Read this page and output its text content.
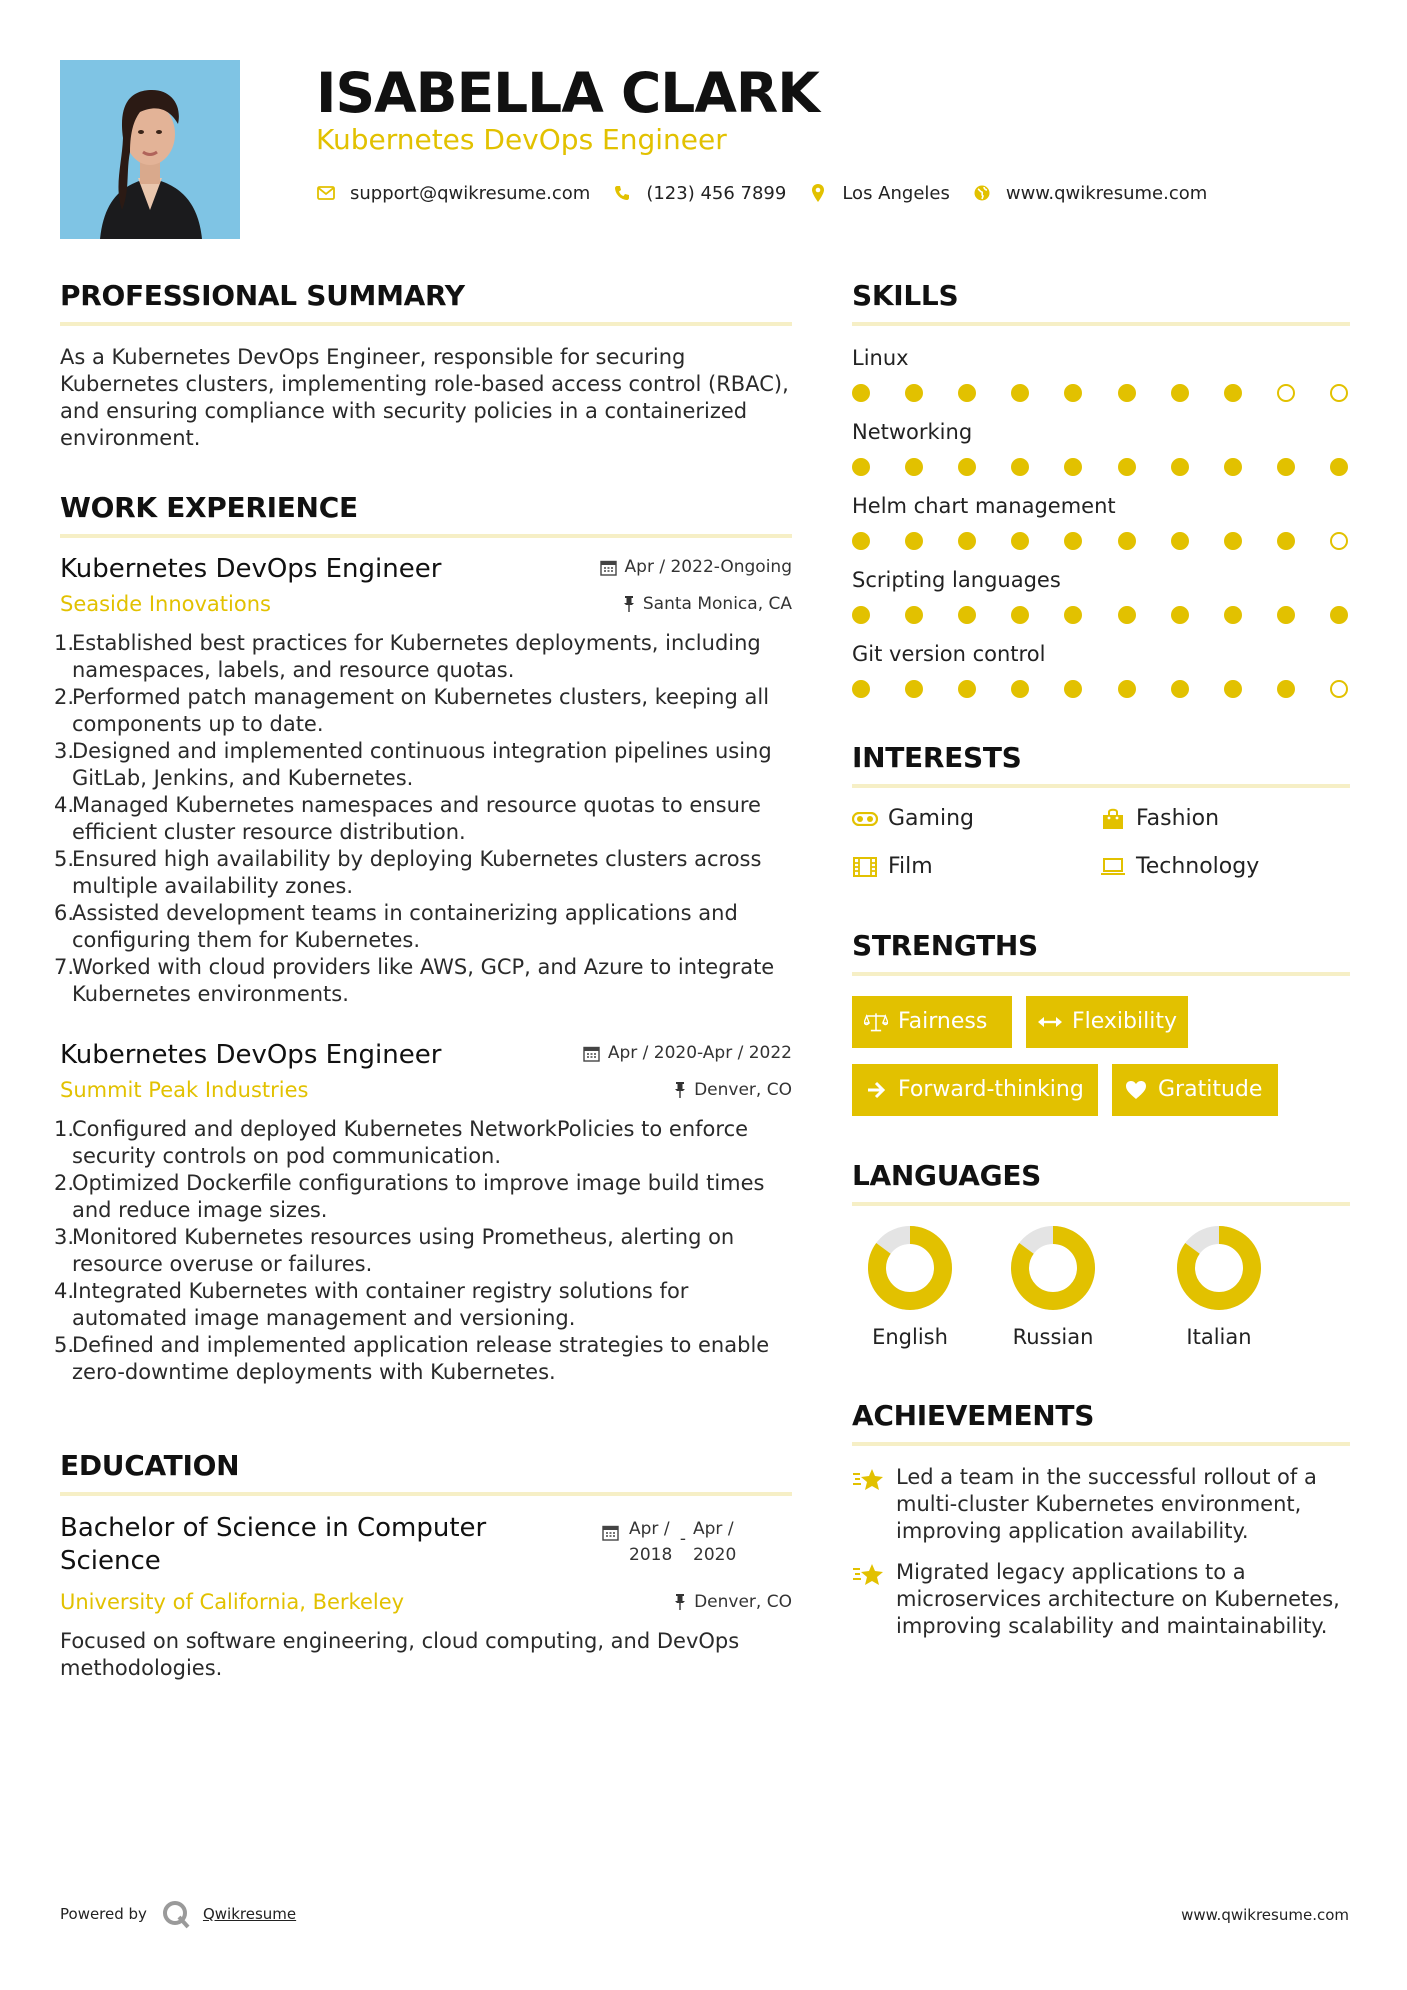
ISABELLA CLARK
Kubernetes DevOps Engineer
support@qwikresume.com	(123) 456 7899	Los Angeles	www.qwikresume.com
PROFESSIONAL SUMMARY

As a Kubernetes DevOps Engineer, responsible for securing Kubernetes clusters, implementing role-based access control (RBAC), and ensuring compliance with security policies in a containerized environment.

WORK EXPERIENCE
Kubernetes DevOps Engineer	Apr / 2022-Ongoing
Seaside Innovations	Santa Monica, CA
1.
Established best practices for Kubernetes deployments, including namespaces, labels, and resource quotas.
2.
Performed patch management on Kubernetes clusters, keeping all components up to date.
3.
Designed and implemented continuous integration pipelines using GitLab, Jenkins, and Kubernetes.
4.
Managed Kubernetes namespaces and resource quotas to ensure efficient cluster resource distribution.
5.
Ensured high availability by deploying Kubernetes clusters across multiple availability zones.
6.
Assisted development teams in containerizing applications and configuring them for Kubernetes.
7.
Worked with cloud providers like AWS, GCP, and Azure to integrate Kubernetes environments.
Kubernetes DevOps Engineer	Apr / 2020-Apr / 2022
Summit Peak Industries	Denver, CO
1.
Configured and deployed Kubernetes NetworkPolicies to enforce security controls on pod communication.
2.
Optimized Dockerfile configurations to improve image build times and reduce image sizes.
3.
Monitored Kubernetes resources using Prometheus, alerting on resource overuse or failures.
4.
Integrated Kubernetes with container registry solutions for automated image management and versioning.
5.
Defined and implemented application release strategies to enable zero-downtime deployments with Kubernetes.
EDUCATION
Bachelor of Science in Computer Science
Apr /
2018
- Apr /
2020
University of California, Berkeley	Denver, CO

Focused on software engineering, cloud computing, and DevOps methodologies.

SKILLS
Linux
Networking
Helm chart management
Scripting languages
Git version control
INTERESTS
Gaming	Fashion
Film	Technology
STRENGTHS
Fairness	Flexibility
Forward-thinking	Gratitude
LANGUAGES
English	Russian	Italian
ACHIEVEMENTS
Led a team in the successful rollout of a multi-cluster Kubernetes environment, improving application availability.
Migrated legacy applications to a microservices architecture on Kubernetes, improving scalability and maintainability.
Powered by	Qwikresume	www.qwikresume.com
